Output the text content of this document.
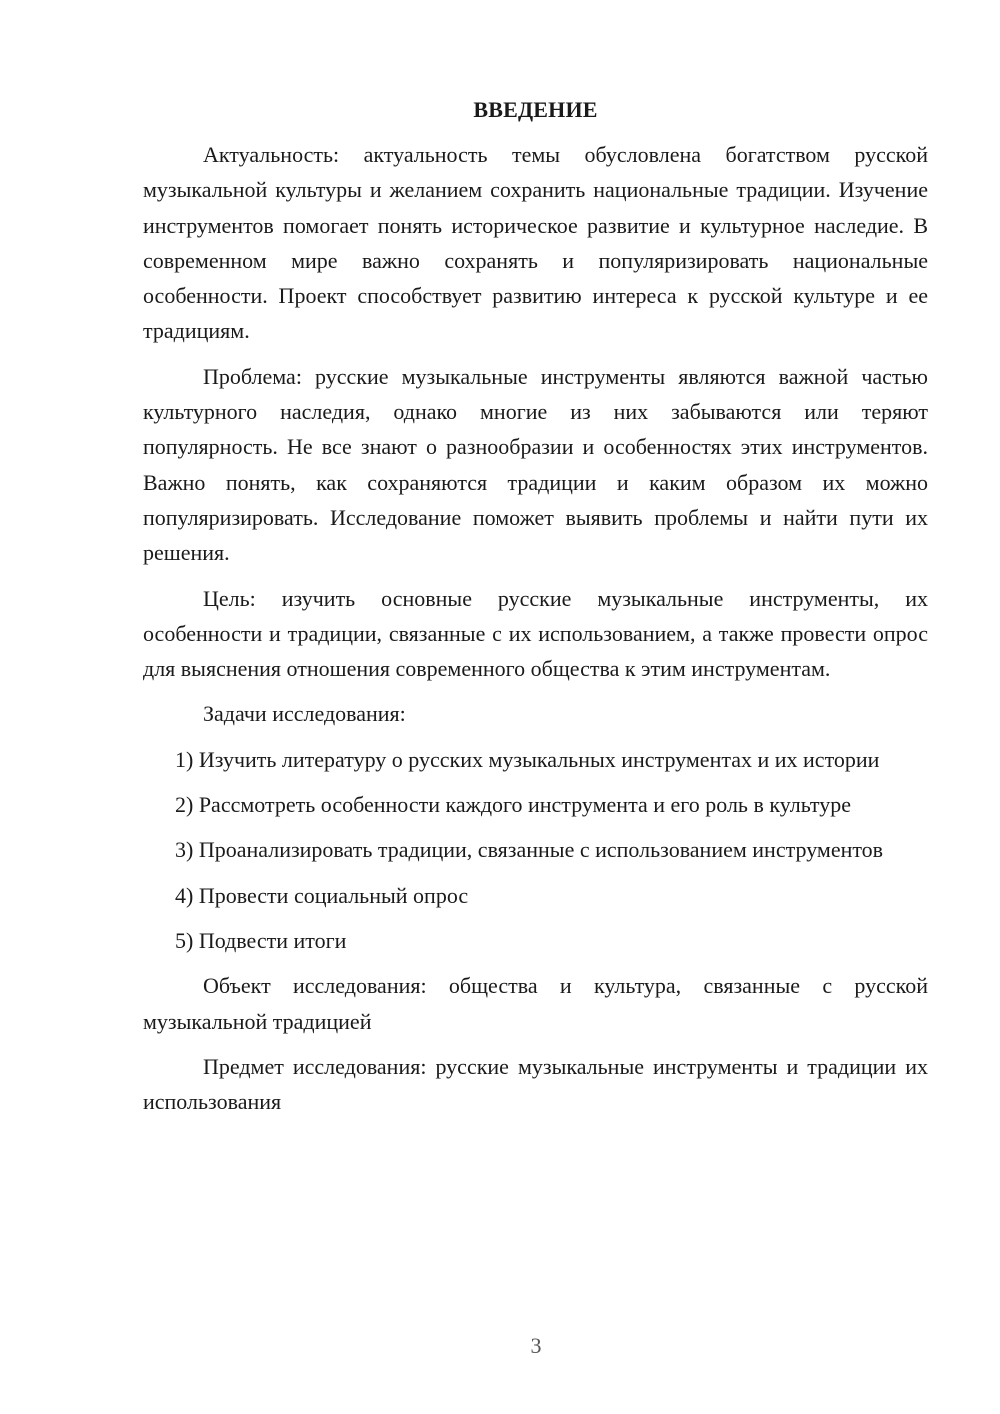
ВВЕДЕНИЕ

Актуальность: актуальность темы обусловлена богатством русской музыкальной культуры и желанием сохранить национальные традиции. Изучение инструментов помогает понять историческое развитие и культурное наследие. В современном мире важно сохранять и популяризировать национальные особенности. Проект способствует развитию интереса к русской культуре и ее традициям.

Проблема: русские музыкальные инструменты являются важной частью культурного наследия, однако многие из них забываются или теряют популярность. Не все знают о разнообразии и особенностях этих инструментов. Важно понять, как сохраняются традиции и каким образом их можно популяризировать. Исследование поможет выявить проблемы и найти пути их решения.

Цель: изучить основные русские музыкальные инструменты, их особенности и традиции, связанные с их использованием, а также провести опрос для выяснения отношения современного общества к этим инструментам.

Задачи исследования:

1) Изучить литературу о русских музыкальных инструментах и их истории

2) Рассмотреть особенности каждого инструмента и его роль в культуре

3) Проанализировать традиции, связанные с использованием инструментов

4) Провести социальный опрос

5) Подвести итоги

Объект исследования: общества и культура, связанные с русской музыкальной традицией

Предмет исследования: русские музыкальные инструменты и традиции их использования

3
